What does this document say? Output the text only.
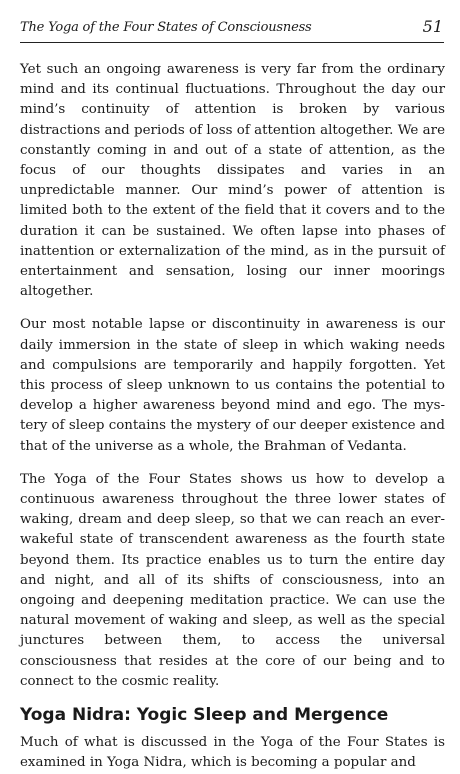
The Yoga of the Four States of Consciousness	51

Yet such an ongoing awareness is very far from the ordinary mind and its continual fluctuations. Throughout the day our mind’s continuity of attention is broken by various distractions and periods of loss of attention altogether. We are constantly coming in and out of a state of attention, as the focus of our thoughts dissipates and varies in an unpredictable manner. Our mind’s power of attention is limited both to the extent of the field that it covers and to the duration it can be sustained. We often lapse into phases of inattention or externalization of the mind, as in the pursuit of entertainment and sensation, losing our inner moorings altogether.

Our most notable lapse or discontinuity in awareness is our daily immersion in the state of sleep in which waking needs and compulsions are temporarily and happily forgotten. Yet this process of sleep unknown to us contains the potential to develop a higher awareness beyond mind and ego. The mystery of sleep contains the mystery of our deeper existence and that of the universe as a whole, the Brahman of Vedanta.

The Yoga of the Four States shows us how to develop a continuous awareness throughout the three lower states of waking, dream and deep sleep, so that we can reach an ever-wakeful state of transcendent awareness as the fourth state beyond them. Its practice enables us to turn the entire day and night, and all of its shifts of consciousness, into an ongoing and deepening meditation practice. We can use the natural movement of waking and sleep, as well as the special junctures between them, to access the universal consciousness that resides at the core of our being and to connect to the cosmic reality.

Yoga Nidra: Yogic Sleep and Mergence

Much of what is discussed in the Yoga of the Four States is examined in Yoga Nidra, which is becoming a popular and
